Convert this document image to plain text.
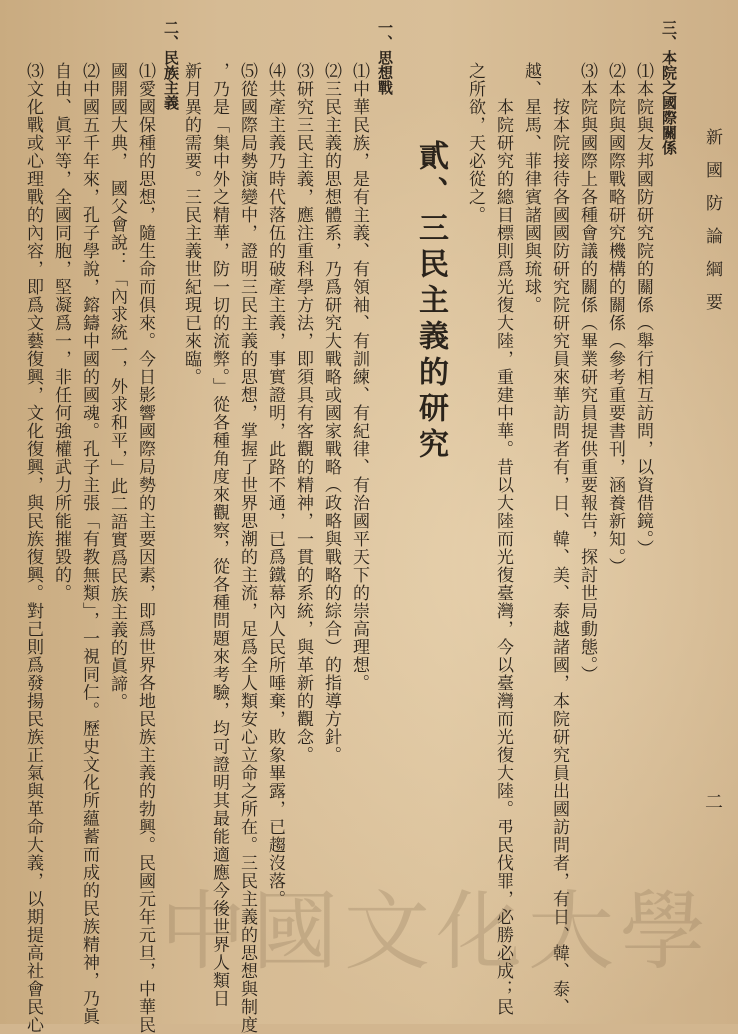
新國防論綱要
二
三、本院之國際關係
⑴本院與友邦國防研究院的關係（舉行相互訪問，以資借鏡。）
⑵本院與國際戰略研究機構的關係（參考重要書刊，涵養新知。）
⑶本院與國際上各種會議的關係（畢業研究員提供重要報告，探討世局動態。）
　　按本院接待各國國防研究院研究員來華訪問者有，日、韓、美、泰越諸國，本院研究員出國訪問者，有日、韓、泰、
越、星馬、菲律賓諸國與琉球。
　　本院研究的總目標則爲光復大陸，重建中華。昔以大陸而光復臺灣，今以臺灣而光復大陸。弔民伐罪，必勝必成；民
之所欲，天必從之。
貳、三民主義的研究
一、思想戰
⑴中華民族，是有主義、有領袖、有訓練、有紀律、有治國平天下的崇高理想。
⑵三民主義的思想體系，乃爲研究大戰略或國家戰略（政略與戰略的綜合）的指導方針。
⑶研究三民主義，應注重科學方法，即須具有客觀的精神，一貫的系統，與革新的觀念。
⑷共產主義乃時代落伍的破產主義，事實證明，此路不通，已爲鐵幕內人民所唾棄，敗象畢露，已趨沒落。
⑸從國際局勢演變中，證明三民主義的思想，掌握了世界思潮的主流，足爲全人類安心立命之所在。三民主義的思想與制度
，乃是「集中外之精華，防一切的流弊。」從各種角度來觀察，從各種問題來考驗，均可證明其最能適應今後世界人類日
新月異的需要。三民主義世紀現已來臨。
二、民族主義
⑴愛國保種的思想，隨生命而俱來。今日影響國際局勢的主要因素，即爲世界各地民族主義的勃興。民國元年元旦，中華民
國開國大典，　國父會說：「內求統一，外求和平，」此二語實爲民族主義的眞諦。
⑵中國五千年來，孔子學說，鎔鑄中國的國魂。孔子主張「有教無類」，一視同仁。歷史文化所蘊蓄而成的民族精神，乃眞
自由、眞平等，全國同胞，堅凝爲一，非任何強權武力所能摧毀的。
⑶文化戰或心理戰的內容，即爲文藝復興，文化復興，與民族復興。對己則爲發揚民族正氣與革命大義，以期提高社會民心 中國文化大學
